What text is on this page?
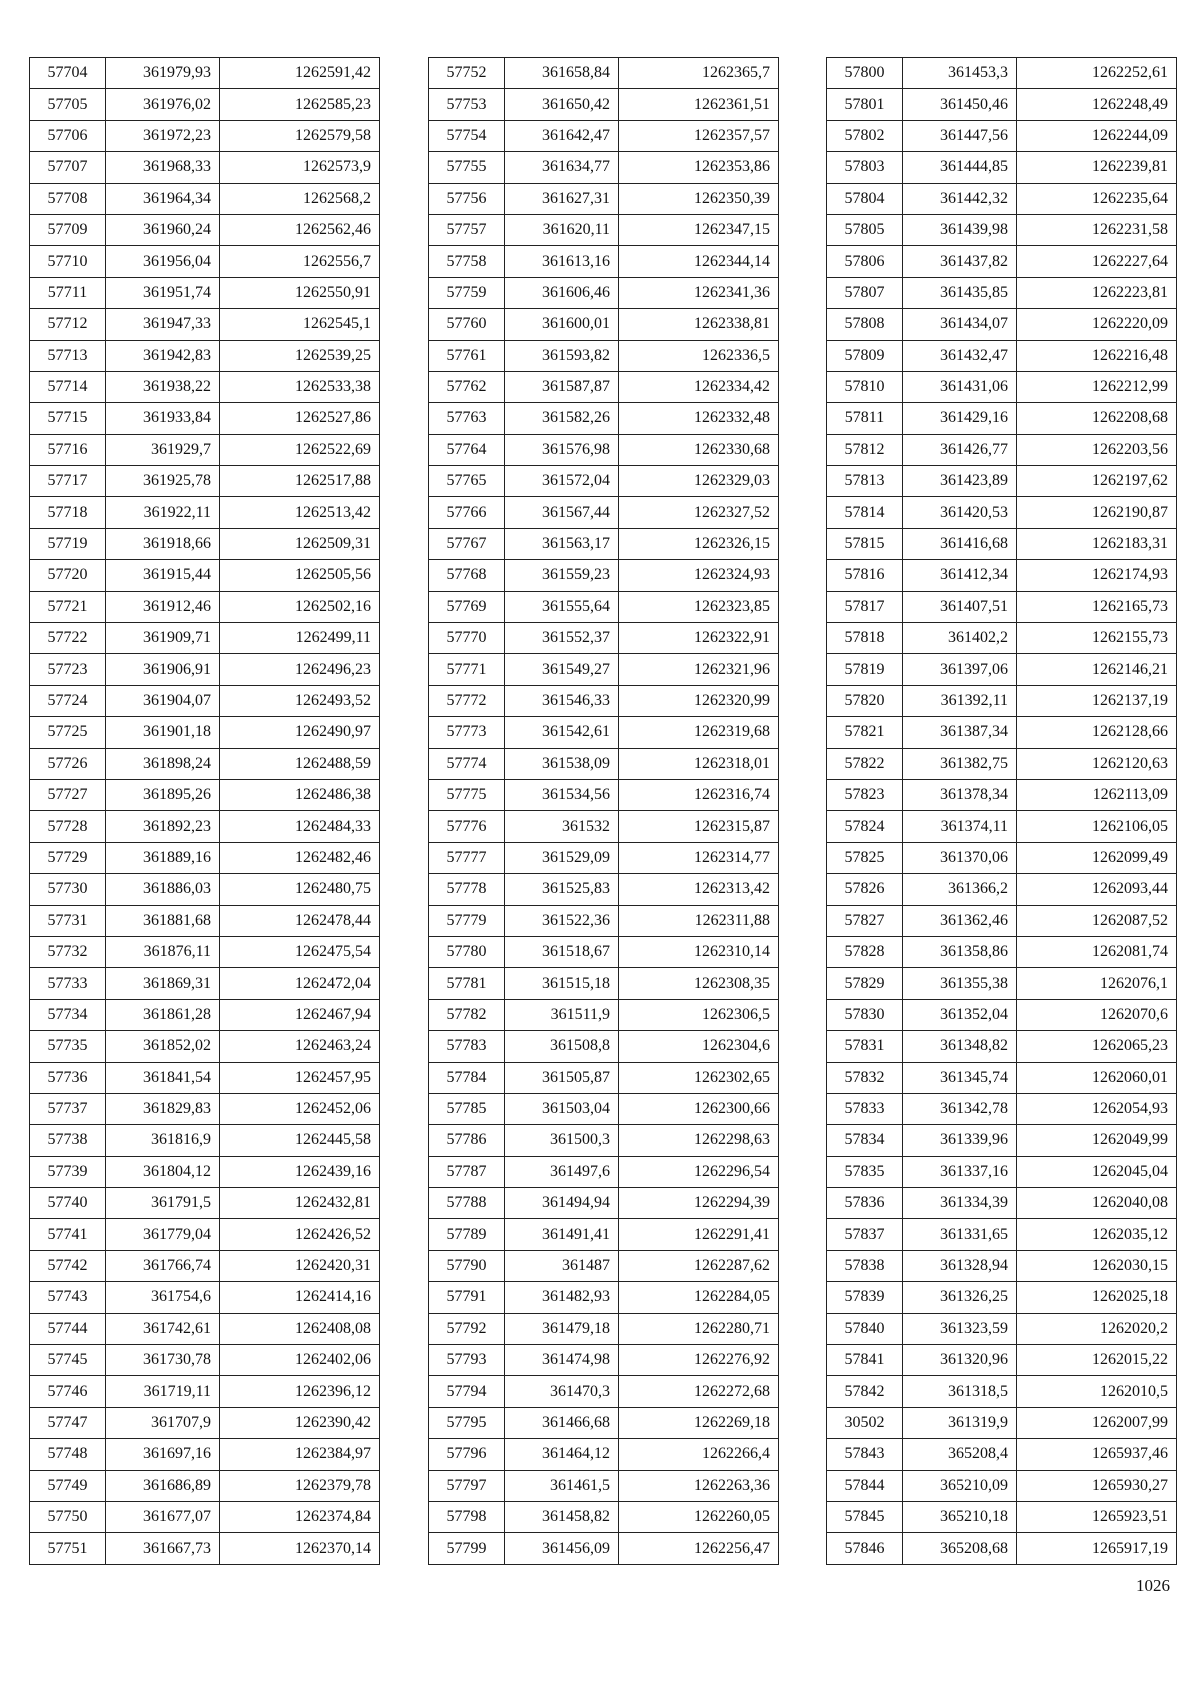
57704	361979,93	1262591,42
57705	361976,02	1262585,23
57706	361972,23	1262579,58
57707	361968,33	1262573,9
57708	361964,34	1262568,2
57709	361960,24	1262562,46
57710	361956,04	1262556,7
57711	361951,74	1262550,91
57712	361947,33	1262545,1
57713	361942,83	1262539,25
57714	361938,22	1262533,38
57715	361933,84	1262527,86
57716	361929,7	1262522,69
57717	361925,78	1262517,88
57718	361922,11	1262513,42
57719	361918,66	1262509,31
57720	361915,44	1262505,56
57721	361912,46	1262502,16
57722	361909,71	1262499,11
57723	361906,91	1262496,23
57724	361904,07	1262493,52
57725	361901,18	1262490,97
57726	361898,24	1262488,59
57727	361895,26	1262486,38
57728	361892,23	1262484,33
57729	361889,16	1262482,46
57730	361886,03	1262480,75
57731	361881,68	1262478,44
57732	361876,11	1262475,54
57733	361869,31	1262472,04
57734	361861,28	1262467,94
57735	361852,02	1262463,24
57736	361841,54	1262457,95
57737	361829,83	1262452,06
57738	361816,9	1262445,58
57739	361804,12	1262439,16
57740	361791,5	1262432,81
57741	361779,04	1262426,52
57742	361766,74	1262420,31
57743	361754,6	1262414,16
57744	361742,61	1262408,08
57745	361730,78	1262402,06
57746	361719,11	1262396,12
57747	361707,9	1262390,42
57748	361697,16	1262384,97
57749	361686,89	1262379,78
57750	361677,07	1262374,84
57751	361667,73	1262370,14
57752	361658,84	1262365,7
57753	361650,42	1262361,51
57754	361642,47	1262357,57
57755	361634,77	1262353,86
57756	361627,31	1262350,39
57757	361620,11	1262347,15
57758	361613,16	1262344,14
57759	361606,46	1262341,36
57760	361600,01	1262338,81
57761	361593,82	1262336,5
57762	361587,87	1262334,42
57763	361582,26	1262332,48
57764	361576,98	1262330,68
57765	361572,04	1262329,03
57766	361567,44	1262327,52
57767	361563,17	1262326,15
57768	361559,23	1262324,93
57769	361555,64	1262323,85
57770	361552,37	1262322,91
57771	361549,27	1262321,96
57772	361546,33	1262320,99
57773	361542,61	1262319,68
57774	361538,09	1262318,01
57775	361534,56	1262316,74
57776	361532	1262315,87
57777	361529,09	1262314,77
57778	361525,83	1262313,42
57779	361522,36	1262311,88
57780	361518,67	1262310,14
57781	361515,18	1262308,35
57782	361511,9	1262306,5
57783	361508,8	1262304,6
57784	361505,87	1262302,65
57785	361503,04	1262300,66
57786	361500,3	1262298,63
57787	361497,6	1262296,54
57788	361494,94	1262294,39
57789	361491,41	1262291,41
57790	361487	1262287,62
57791	361482,93	1262284,05
57792	361479,18	1262280,71
57793	361474,98	1262276,92
57794	361470,3	1262272,68
57795	361466,68	1262269,18
57796	361464,12	1262266,4
57797	361461,5	1262263,36
57798	361458,82	1262260,05
57799	361456,09	1262256,47
57800	361453,3	1262252,61
57801	361450,46	1262248,49
57802	361447,56	1262244,09
57803	361444,85	1262239,81
57804	361442,32	1262235,64
57805	361439,98	1262231,58
57806	361437,82	1262227,64
57807	361435,85	1262223,81
57808	361434,07	1262220,09
57809	361432,47	1262216,48
57810	361431,06	1262212,99
57811	361429,16	1262208,68
57812	361426,77	1262203,56
57813	361423,89	1262197,62
57814	361420,53	1262190,87
57815	361416,68	1262183,31
57816	361412,34	1262174,93
57817	361407,51	1262165,73
57818	361402,2	1262155,73
57819	361397,06	1262146,21
57820	361392,11	1262137,19
57821	361387,34	1262128,66
57822	361382,75	1262120,63
57823	361378,34	1262113,09
57824	361374,11	1262106,05
57825	361370,06	1262099,49
57826	361366,2	1262093,44
57827	361362,46	1262087,52
57828	361358,86	1262081,74
57829	361355,38	1262076,1
57830	361352,04	1262070,6
57831	361348,82	1262065,23
57832	361345,74	1262060,01
57833	361342,78	1262054,93
57834	361339,96	1262049,99
57835	361337,16	1262045,04
57836	361334,39	1262040,08
57837	361331,65	1262035,12
57838	361328,94	1262030,15
57839	361326,25	1262025,18
57840	361323,59	1262020,2
57841	361320,96	1262015,22
57842	361318,5	1262010,5
30502	361319,9	1262007,99
57843	365208,4	1265937,46
57844	365210,09	1265930,27
57845	365210,18	1265923,51
57846	365208,68	1265917,19
1026
